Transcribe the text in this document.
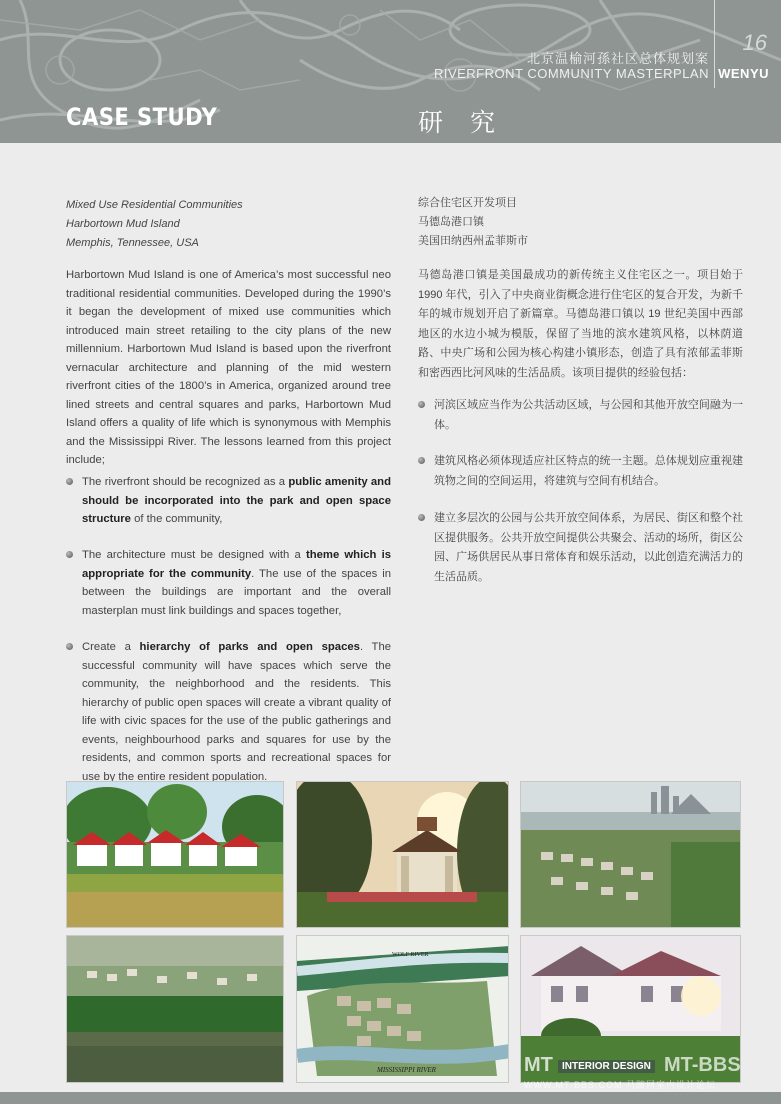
16
北京温榆河孫社区总体规划案
RIVERFRONT COMMUNITY MASTERPLAN WENYU
CASE STUDY	研 究
Mixed Use Residential Communities
Harbortown Mud Island
Memphis, Tennessee, USA
Harbortown Mud Island is one of America’s most successful neo traditional residential communities. Developed during the 1990’s it began the development of mixed use communities which introduced main street retailing to the city plans of the new millennium. Harbortown Mud Island is based upon the riverfront vernacular architecture and planning of the mid western riverfront cities of the 1800’s in America, organized around tree lined streets and central squares and parks, Harbortown Mud Island offers a quality of life which is synonymous with Memphis and the Mississippi River. The lessons learned from this project include;
The riverfront should be recognized as a public amenity and should be incorporated into the park and open space structure of the community,
The architecture must be designed with a theme which is appropriate for the community. The use of the spaces in between the buildings are important and the overall masterplan must link buildings and spaces together,
Create a hierarchy of parks and open spaces. The successful community will have spaces which serve the community, the neighborhood and the residents. This hierarchy of public open spaces will create a vibrant quality of life with civic spaces for the use of the public gatherings and events, neighbourhood parks and squares for use by the residents, and common sports and recreational spaces for use by the entire resident population.
综合住宅区开发项目
马德岛港口镇
美国田纳西州孟菲斯市
马德岛港口镇是美国最成功的新传统主义住宅区之一。项目始于 1990 年代，引入了中央商业街概念进行住宅区的复合开发，为新千年的城市规划开启了新篇章。马德岛港口镇以 19 世纪美国中西部地区的水边小城为模版，保留了当地的滨水建筑风格，以林荫道路、中央广场和公园为核心构建小镇形态，创造了具有浓郁孟菲斯和密西西比河风味的生活品质。该项目提供的经验包括：
河滨区域应当作为公共活动区域，与公园和其他开放空间融为一体。
建筑风格必须体现适应社区特点的统一主题。总体规划应重视建筑物之间的空间运用，将建筑与空间有机结合。
建立多层次的公园与公共开放空间体系，为居民、街区和整个社区提供服务。公共开放空间提供公共聚会、活动的场所，街区公园、广场供居民从事日常体育和娱乐活动，以此创造充满活力的生活品质。
WOLF RIVER
MISSISSIPPI RIVER	MT INTERIOR DESIGN MT-BBS
WWW.MT-BBS.COM 马蹄网室内设计论坛
